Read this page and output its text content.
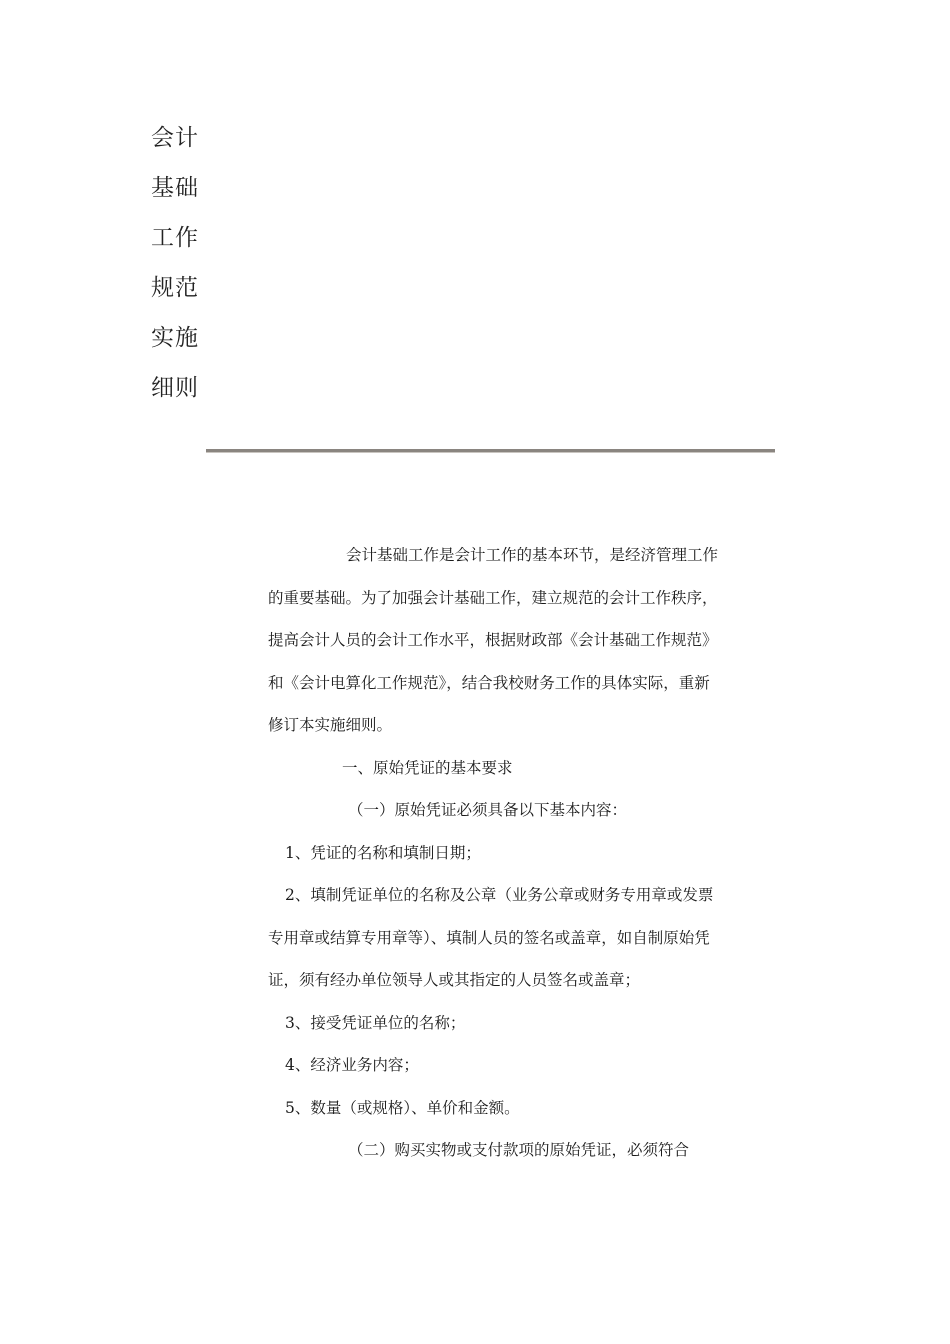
会计
基础
工作
规范
实施
细则

会计基础工作是会计工作的基本环节，是经济管理工作的重要基础。为了加强会计基础工作，建立规范的会计工作秩序，提高会计人员的会计工作水平，根据财政部《会计基础工作规范》和《会计电算化工作规范》，结合我校财务工作的具体实际，重新修订本实施细则。

一、原始凭证的基本要求

（一）原始凭证必须具备以下基本内容：

1、凭证的名称和填制日期；

2、填制凭证单位的名称及公章（业务公章或财务专用章或发票专用章或结算专用章等）、填制人员的签名或盖章，如自制原始凭证，须有经办单位领导人或其指定的人员签名或盖章；

3、接受凭证单位的名称；

4、经济业务内容；

5、数量（或规格）、单价和金额。

（二）购买实物或支付款项的原始凭证，必须符合
